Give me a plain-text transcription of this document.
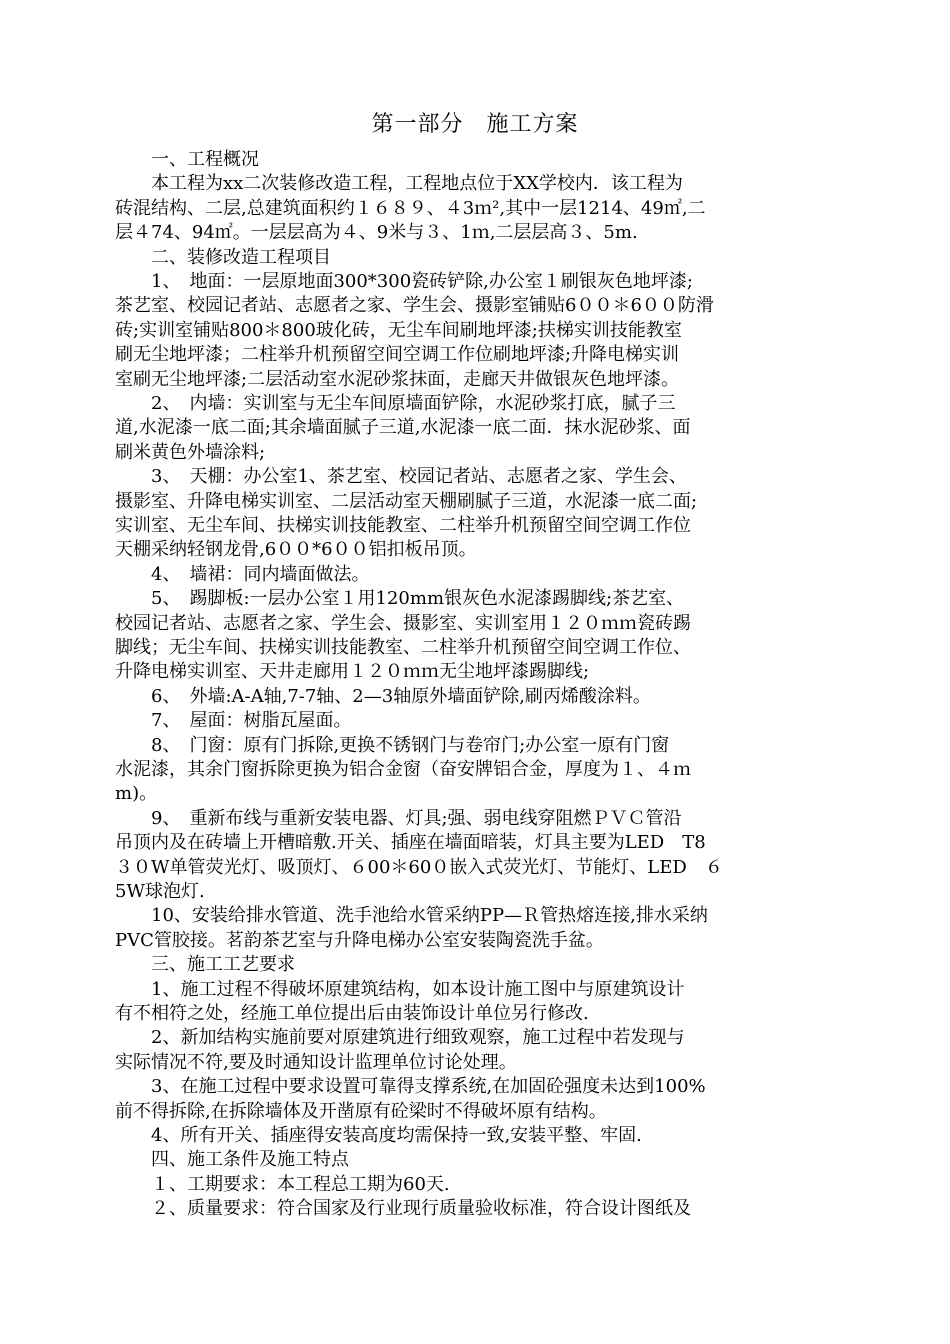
第一部分　施工方案
　　一、工程概况
　　本工程为xx二次装修改造工程，工程地点位于XX学校内．该工程为
砖混结构、二层,总建筑面积约１６８９、４3ｍ²,其中一层1214、49㎡,二
层４74、94㎡。一层层高为４、9米与３、1ｍ,二层层高３、5m.
　　二、装修改造工程项目
　　1、　地面：一层原地面300*300瓷砖铲除,办公室１刷银灰色地坪漆;
茶艺室、校园记者站、志愿者之家、学生会、摄影室铺贴6００＊6００防滑
砖;实训室铺贴800＊800玻化砖，无尘车间刷地坪漆;扶梯实训技能教室
刷无尘地坪漆；二柱举升机预留空间空调工作位刷地坪漆;升降电梯实训
室刷无尘地坪漆;二层活动室水泥砂浆抹面，走廊天井做银灰色地坪漆。
　　2、　内墙：实训室与无尘车间原墙面铲除，水泥砂浆打底，腻子三
道,水泥漆一底二面;其余墙面腻子三道,水泥漆一底二面．抹水泥砂浆、面
刷米黄色外墙涂料;
　　3、　天棚：办公室1、茶艺室、校园记者站、志愿者之家、学生会、
摄影室、升降电梯实训室、二层活动室天棚刷腻子三道，水泥漆一底二面;
实训室、无尘车间、扶梯实训技能教室、二柱举升机预留空间空调工作位
天棚采纳轻钢龙骨,6００*6００铝扣板吊顶。
　　4、　墙裙：同内墙面做法。
　　5、　踢脚板:一层办公室１用120mm银灰色水泥漆踢脚线;茶艺室、
校园记者站、志愿者之家、学生会、摄影室、实训室用１２０ｍｍ瓷砖踢
脚线；无尘车间、扶梯实训技能教室、二柱举升机预留空间空调工作位、
升降电梯实训室、天井走廊用１２０ｍｍ无尘地坪漆踢脚线;
　　6、　外墙:A-A轴,7-7轴、2—3轴原外墙面铲除,刷丙烯酸涂料。
　　7、　屋面：树脂瓦屋面。
　　8、　门窗：原有门拆除,更换不锈钢门与卷帘门;办公室一原有门窗
水泥漆，其余门窗拆除更换为铝合金窗（奋安牌铝合金，厚度为１、４ｍ
m)。
　　9、　重新布线与重新安装电器、灯具;强、弱电线穿阻燃ＰＶＣ管沿
吊顶内及在砖墙上开槽暗敷.开关、插座在墙面暗装，灯具主要为LED　T8
３０W单管荧光灯、吸顶灯、６00＊60０嵌入式荧光灯、节能灯、LED　６
5W球泡灯.
　　10、安装给排水管道、洗手池给水管采纳PP—Ｒ管热熔连接,排水采纳
PVC管胶接。茗韵茶艺室与升降电梯办公室安装陶瓷洗手盆。
　　三、施工工艺要求
　　1、施工过程不得破坏原建筑结构，如本设计施工图中与原建筑设计
有不相符之处，经施工单位提出后由装饰设计单位另行修改.
　　2、新加结构实施前要对原建筑进行细致观察，施工过程中若发现与
实际情况不符,要及时通知设计监理单位讨论处理。
　　3、在施工过程中要求设置可靠得支撑系统,在加固砼强度未达到100%
前不得拆除,在拆除墙体及开凿原有砼梁时不得破坏原有结构。
　　4、所有开关、插座得安装高度均需保持一致,安装平整、牢固.
　　四、施工条件及施工特点
　　１、工期要求：本工程总工期为60天.
　　２、质量要求：符合国家及行业现行质量验收标准，符合设计图纸及
